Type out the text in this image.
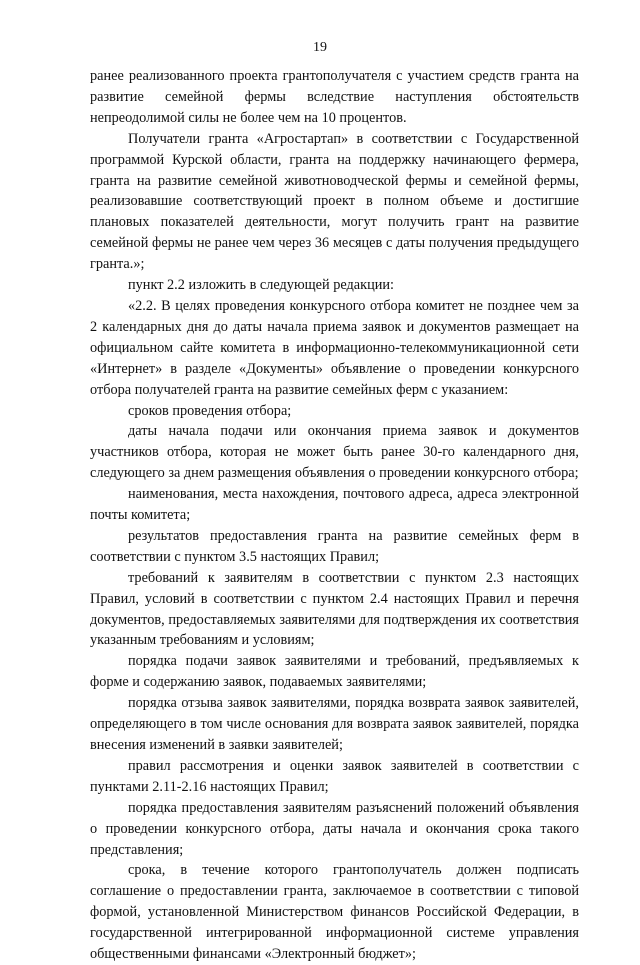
19

ранее реализованного проекта грантополучателя с участием средств гранта на развитие семейной фермы вследствие наступления обстоятельств непреодолимой силы не более чем на 10 процентов.

Получатели гранта «Агростартап» в соответствии с Государственной программой Курской области, гранта на поддержку начинающего фермера, гранта на развитие семейной животноводческой фермы и семейной фермы, реализовавшие соответствующий проект в полном объеме и достигшие плановых показателей деятельности, могут получить грант на развитие семейной фермы не ранее чем через 36 месяцев с даты получения предыдущего гранта.»;

пункт 2.2 изложить в следующей редакции:

«2.2. В целях проведения конкурсного отбора комитет не позднее чем за 2 календарных дня до даты начала приема заявок и документов размещает на официальном сайте комитета в информационно-телекоммуникационной сети «Интернет» в разделе «Документы» объявление о проведении конкурсного отбора получателей гранта на развитие семейных ферм с указанием:

сроков проведения отбора;

даты начала подачи или окончания приема заявок и документов участников отбора, которая не может быть ранее 30-го календарного дня, следующего за днем размещения объявления о проведении конкурсного отбора;

наименования, места нахождения, почтового адреса, адреса электронной почты комитета;

результатов предоставления гранта на развитие семейных ферм в соответствии с пунктом 3.5 настоящих Правил;

требований к заявителям в соответствии с пунктом 2.3 настоящих Правил, условий в соответствии с пунктом 2.4 настоящих Правил и перечня документов, предоставляемых заявителями для подтверждения их соответствия указанным требованиям и условиям;

порядка подачи заявок заявителями и требований, предъявляемых к форме и содержанию заявок, подаваемых заявителями;

порядка отзыва заявок заявителями, порядка возврата заявок заявителей, определяющего в том числе основания для возврата заявок заявителей, порядка внесения изменений в заявки заявителей;

правил рассмотрения и оценки заявок заявителей в соответствии с пунктами 2.11-2.16 настоящих Правил;

порядка предоставления заявителям разъяснений положений объявления о проведении конкурсного отбора, даты начала и окончания срока такого представления;

срока, в течение которого грантополучатель должен подписать соглашение о предоставлении гранта, заключаемое в соответствии с типовой формой, установленной Министерством финансов Российской Федерации, в государственной интегрированной информационной системе управления общественными финансами «Электронный бюджет»;
